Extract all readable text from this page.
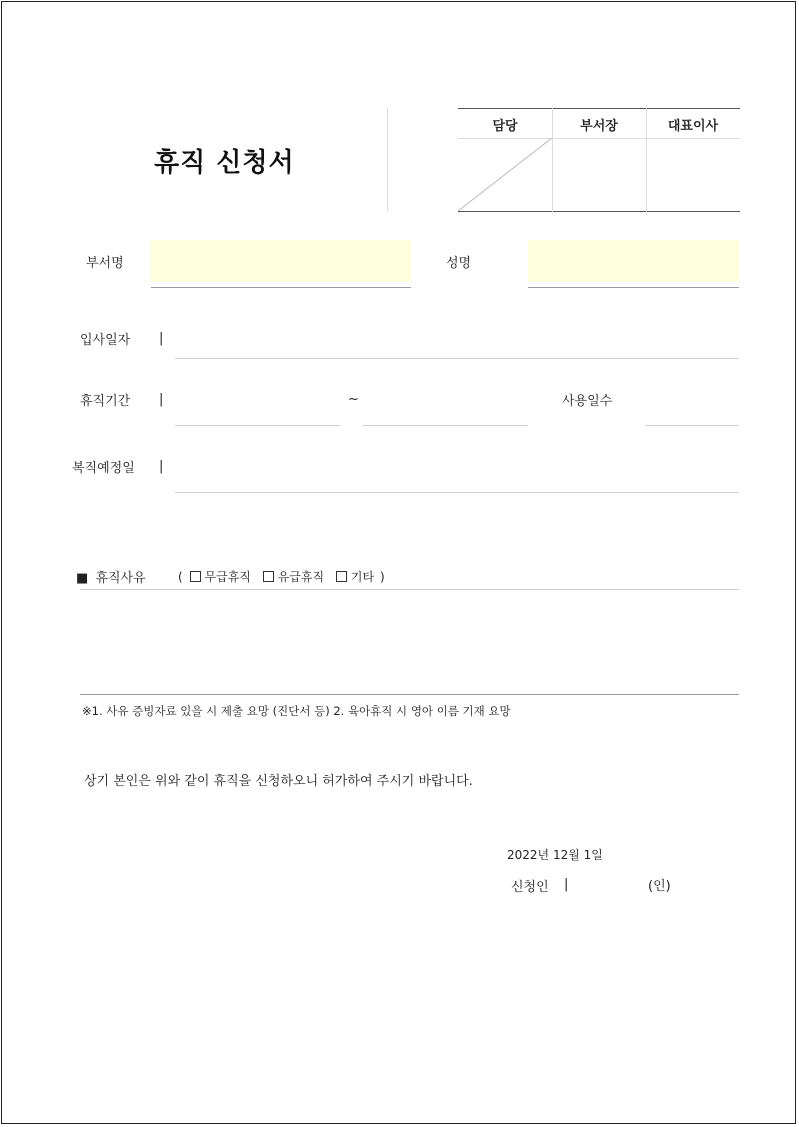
휴직 신청서
담당	부서장	대표이사
부서명	성명
입사일자 |
휴직기간 |	~	사용일수
복직예정일 |
■ 휴직사유	( 무급휴직 유급휴직 기타 )
※1. 사유 증빙자료 있을 시 제출 요망 (진단서 등) 2. 육아휴직 시 영아 이름 기재 요망
상기 본인은 위와 같이 휴직을 신청하오니 허가하여 주시기 바랍니다.
2022년 12월 1일
신청인 |	(인)
